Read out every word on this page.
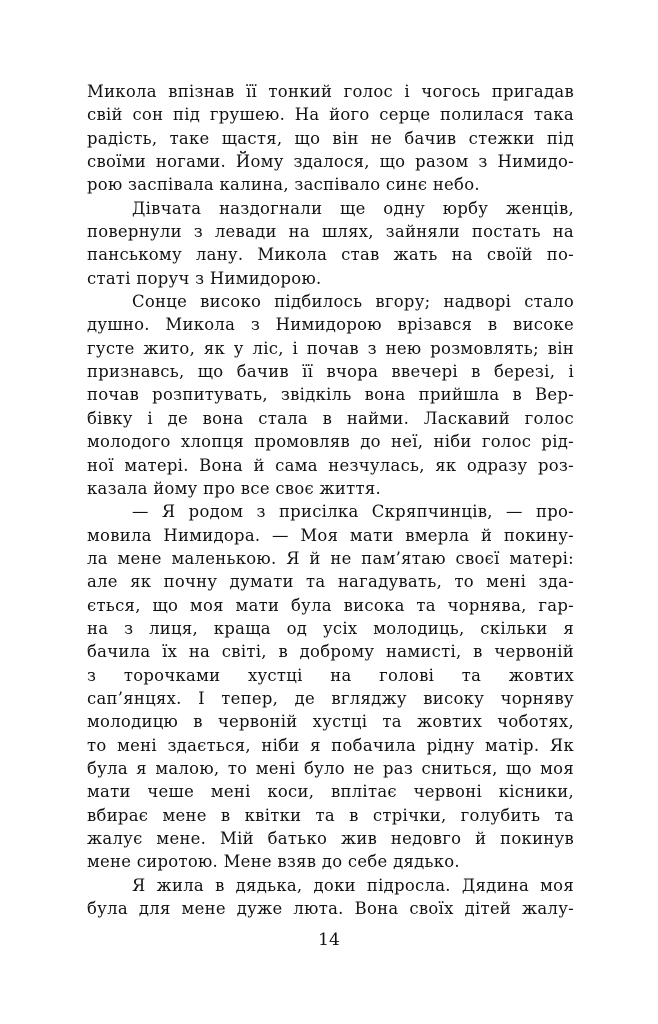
Микола впізнав її тонкий голос і чогось пригадав
свій сон під грушею. На його серце полилася така
радість, таке щастя, що він не бачив стежки під
своїми ногами. Йому здалося, що разом з Нимидо-
рою заспівала калина, заспівало синє небо.
Дівчата наздогнали ще одну юрбу женців,
повернули з левади на шлях, зайняли постать на
панському лану. Микола став жать на своїй по-
статі поруч з Нимидорою.
Сонце високо підбилось вгору; надворі стало
душно. Микола з Нимидорою врізався в високе
густе жито, як у ліс, і почав з нею розмовлять; він
признавсь, що бачив її вчора ввечері в березі, і
почав розпитувать, звідкіль вона прийшла в Вер-
бівку і де вона стала в найми. Ласкавий голос
молодого хлопця промовляв до неї, ніби голос рід-
ної матері. Вона й сама незчулась, як одразу роз-
казала йому про все своє життя.
— Я родом з присілка Скряпчинців, — про-
мовила Нимидора. — Моя мати вмерла й покину-
ла мене маленькою. Я й не пам’ятаю своєї матері:
але як почну думати та нагадувать, то мені зда-
ється, що моя мати була висока та чорнява, гар-
на з лиця, краща од усіх молодиць, скільки я
бачила їх на світі, в доброму намисті, в червоній
з торочками хустці на голові та жовтих
сап’янцях. І тепер, де вгляджу високу чорняву
молодицю в червоній хустці та жовтих чоботях,
то мені здається, ніби я побачила рідну матір. Як
була я малою, то мені було не раз сниться, що моя
мати чеше мені коси, вплітає червоні кісники,
вбирає мене в квітки та в стрічки, голубить та
жалує мене. Мій батько жив недовго й покинув
мене сиротою. Мене взяв до себе дядько.
Я жила в дядька, доки підросла. Дядина моя
була для мене дуже люта. Вона своїх дітей жалу-
14
